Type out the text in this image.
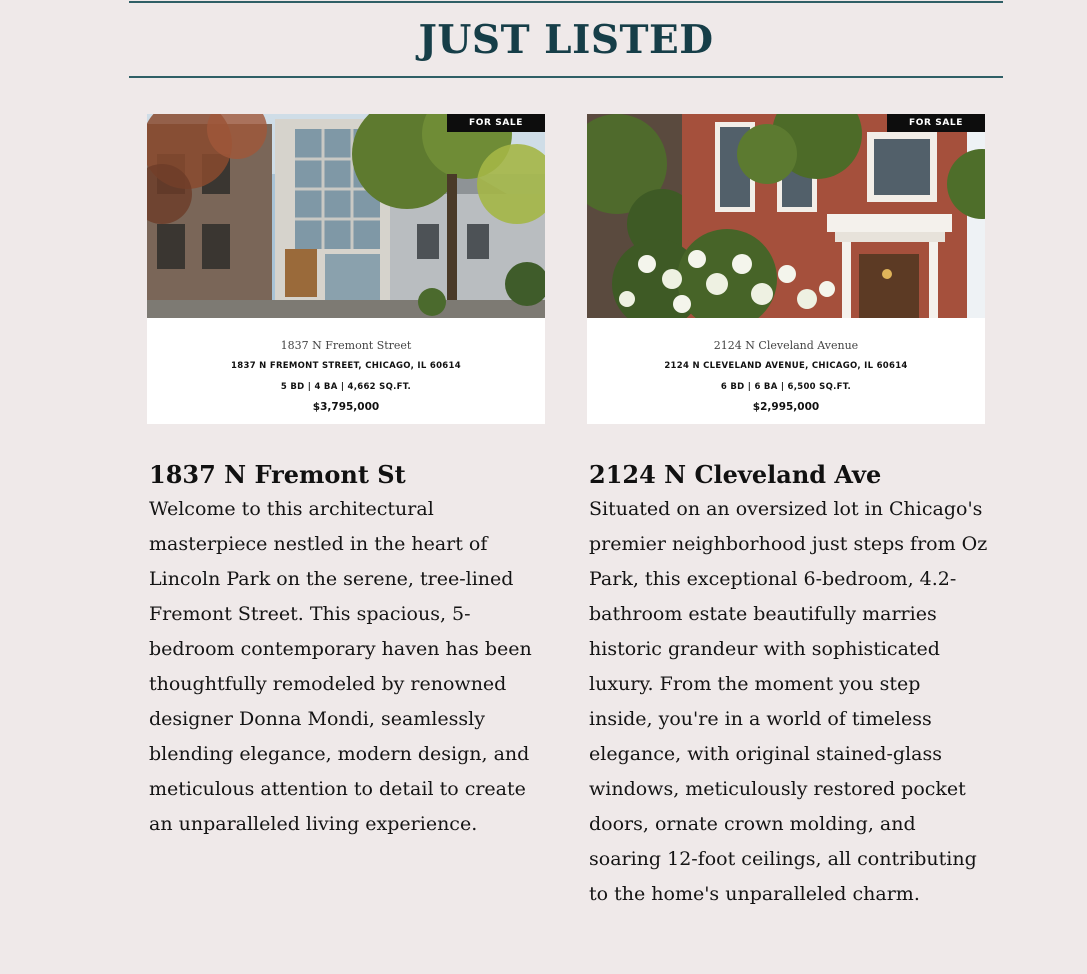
JUST LISTED
FOR SALE
1837 N Fremont Street
1837 N FREMONT STREET, CHICAGO, IL 60614
5 BD | 4 BA | 4,662 SQ.FT.
$3,795,000
FOR SALE
2124 N Cleveland Avenue
2124 N CLEVELAND AVENUE, CHICAGO, IL 60614
6 BD | 6 BA | 6,500 SQ.FT.
$2,995,000
1837 N Fremont St

Welcome to this architectural masterpiece nestled in the heart of Lincoln Park on the serene, tree-lined Fremont Street. This spacious, 5-bedroom contemporary haven has been thoughtfully remodeled by renowned designer Donna Mondi, seamlessly blending elegance, modern design, and meticulous attention to detail to create an unparalleled living experience.

2124 N Cleveland Ave

Situated on an oversized lot in Chicago's premier neighborhood just steps from Oz Park, this exceptional 6-bedroom, 4.2-bathroom estate beautifully marries historic grandeur with sophisticated luxury. From the moment you step inside, you're in a world of timeless elegance, with original stained-glass windows, meticulously restored pocket doors, ornate crown molding, and soaring 12-foot ceilings, all contributing to the home's unparalleled charm.
